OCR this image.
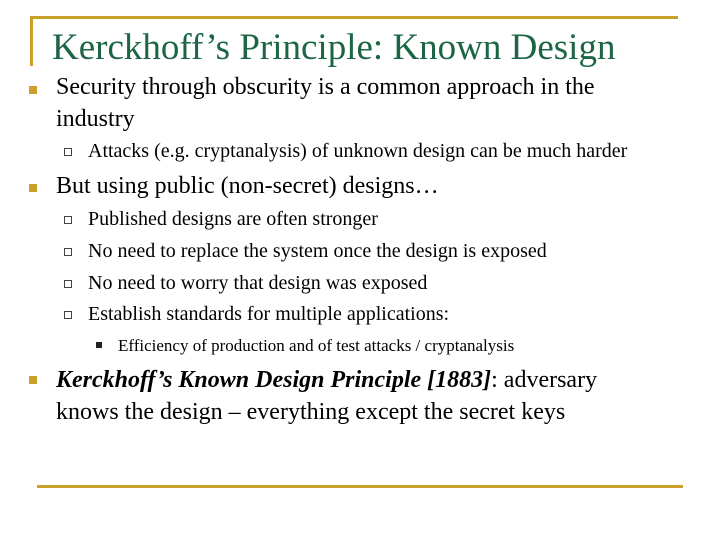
Kerckhoff’s Principle: Known Design
Security through obscurity is a common approach in the
industry
Attacks (e.g. cryptanalysis) of unknown design can be much harder
But using public (non-secret) designs…
Published designs are often stronger
No need to replace the system once the design is exposed
No need to worry that design was exposed
Establish standards for multiple applications:
Efficiency of production and of test attacks / cryptanalysis
Kerckhoff’s Known Design Principle [1883]: adversary
knows the design – everything except the secret keys
